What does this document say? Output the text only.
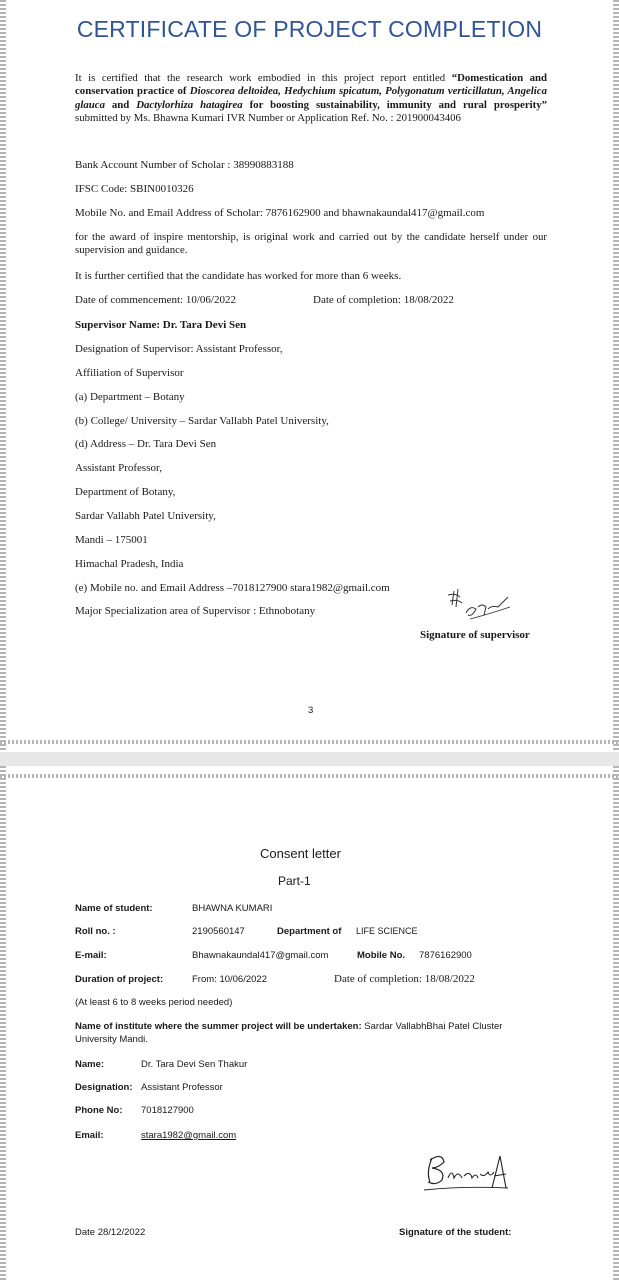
CERTIFICATE OF PROJECT COMPLETION
It is certified that the research work embodied in this project report entitled “Domestication and conservation practice of Dioscorea deltoidea, Hedychium spicatum, Polygonatum verticillatun, Angelica glauca and Dactylorhiza hatagirea for boosting sustainability, immunity and rural prosperity” submitted by Ms. Bhawna Kumari IVR Number or Application Ref. No. : 201900043406
Bank Account Number of Scholar : 38990883188
IFSC Code: SBIN0010326
Mobile No. and Email Address of Scholar: 7876162900 and bhawnakaundal417@gmail.com
for the award of inspire mentorship, is original work and carried out by the candidate herself under our supervision and guidance.
It is further certified that the candidate has worked for more than 6 weeks.
Date of commencement: 10/06/2022	Date of completion: 18/08/2022
Supervisor Name: Dr. Tara Devi Sen
Designation of Supervisor: Assistant Professor,
Affiliation of Supervisor
(a) Department – Botany
(b) College/ University – Sardar Vallabh Patel University,
(d) Address – Dr. Tara Devi Sen
Assistant Professor,
Department of Botany,
Sardar Vallabh Patel University,
Mandi – 175001
Himachal Pradesh, India
(e) Mobile no. and Email Address –7018127900 stara1982@gmail.com
Major Specialization area of Supervisor : Ethnobotany
Signature of supervisor
3
Consent letter
Part-1
Name of student:	BHAWNA KUMARI
Roll no. :	2190560147	Department of LIFE SCIENCE
E-mail:	Bhawnakaundal417@gmail.com	Mobile No. 7876162900
Duration of project:	From: 10/06/2022	Date of completion: 18/08/2022
(At least 6 to 8 weeks period needed)
Name of institute where the summer project will be undertaken: Sardar VallabhBhai Patel Cluster
University Mandi.
Name:	Dr. Tara Devi Sen Thakur
Designation: Assistant Professor
Phone No: 7018127900
Email:	stara1982@gmail.com
Date 28/12/2022	Signature of the student:
